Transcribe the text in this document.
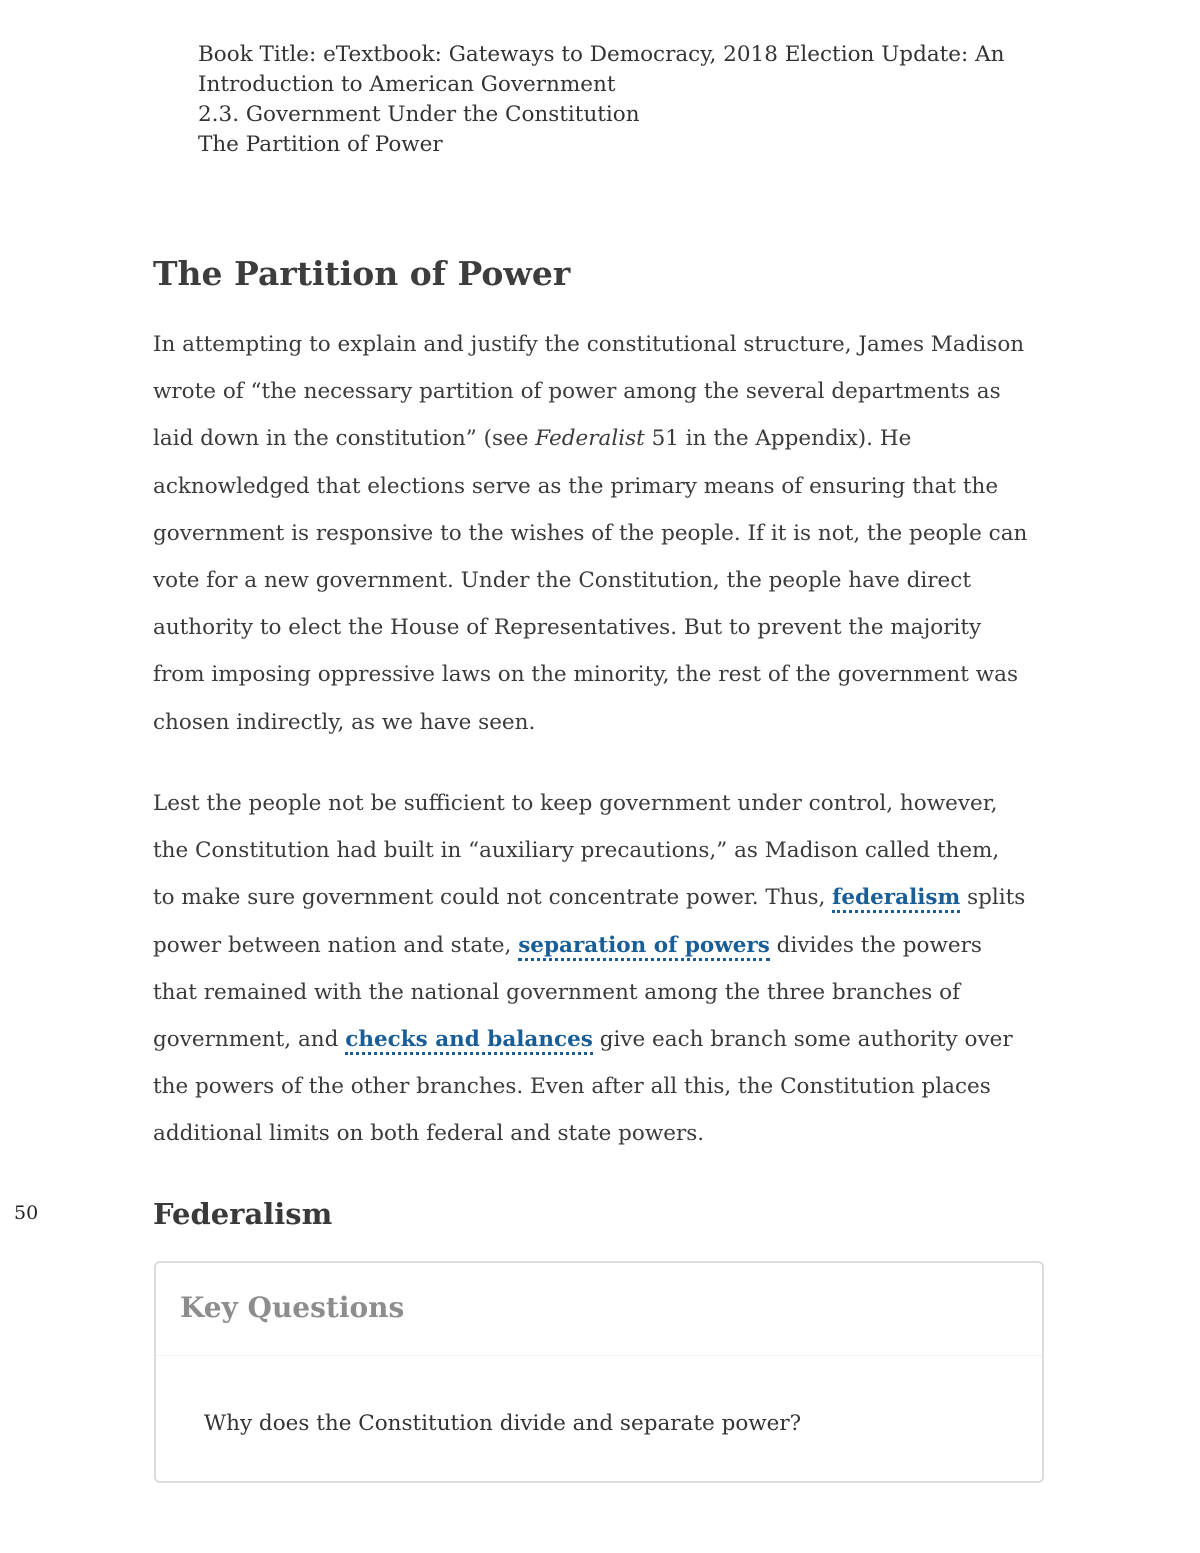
Book Title: eTextbook: Gateways to Democracy, 2018 Election Update: An
Introduction to American Government
2.3. Government Under the Constitution
The Partition of Power
The Partition of Power

In attempting to explain and justify the constitutional structure, James Madison
wrote of “the necessary partition of power among the several departments as
laid down in the constitution” (see Federalist 51 in the Appendix). He
acknowledged that elections serve as the primary means of ensuring that the
government is responsive to the wishes of the people. If it is not, the people can
vote for a new government. Under the Constitution, the people have direct
authority to elect the House of Representatives. But to prevent the majority
from imposing oppressive laws on the minority, the rest of the government was
chosen indirectly, as we have seen.

Lest the people not be sufficient to keep government under control, however,
the Constitution had built in “auxiliary precautions,” as Madison called them,
to make sure government could not concentrate power. Thus, federalism splits
power between nation and state, separation of powers divides the powers
that remained with the national government among the three branches of
government, and checks and balances give each branch some authority over
the powers of the other branches. Even after all this, the Constitution places
additional limits on both federal and state powers.

50	Federalism
Key Questions

Why does the Constitution divide and separate power?
